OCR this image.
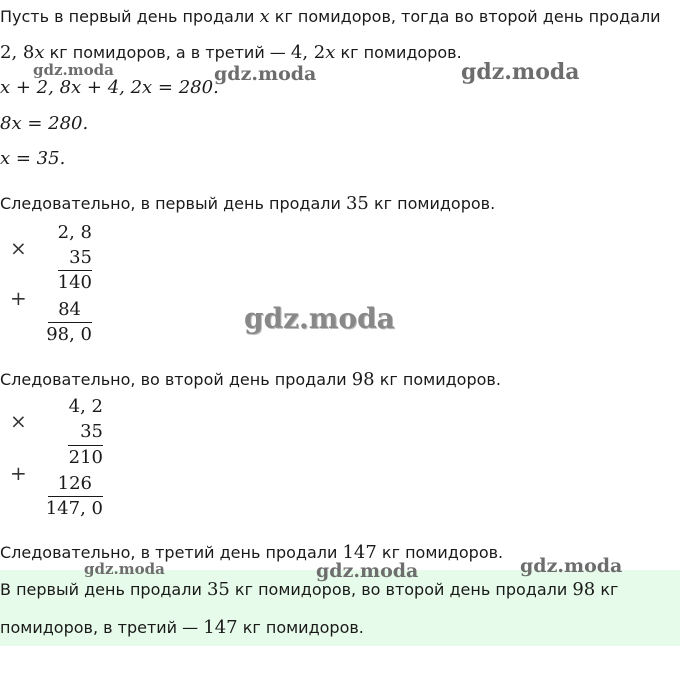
Пусть в первый день продали x кг помидоров, тогда во второй день продали
2, 8x кг помидоров, а в третий — 4, 2x кг помидоров.
x + 2, 8x + 4, 2x = 280.
8x = 280.
x = 35.
Следовательно, в первый день продали 35 кг помидоров.
×
2, 8
35
140
+ 84
98, 0
Следовательно, во второй день продали 98 кг помидоров.
×
4, 2
35
210
+ 126
147, 0
Следовательно, в третий день продали 147 кг помидоров.
В первый день продали 35 кг помидоров, во второй день продали 98 кг
помидоров, в третий — 147 кг помидоров.
gdz.moda	gdz.moda	gdz.moda
gdz.moda
gdz.moda	gdz.moda	gdz.moda
